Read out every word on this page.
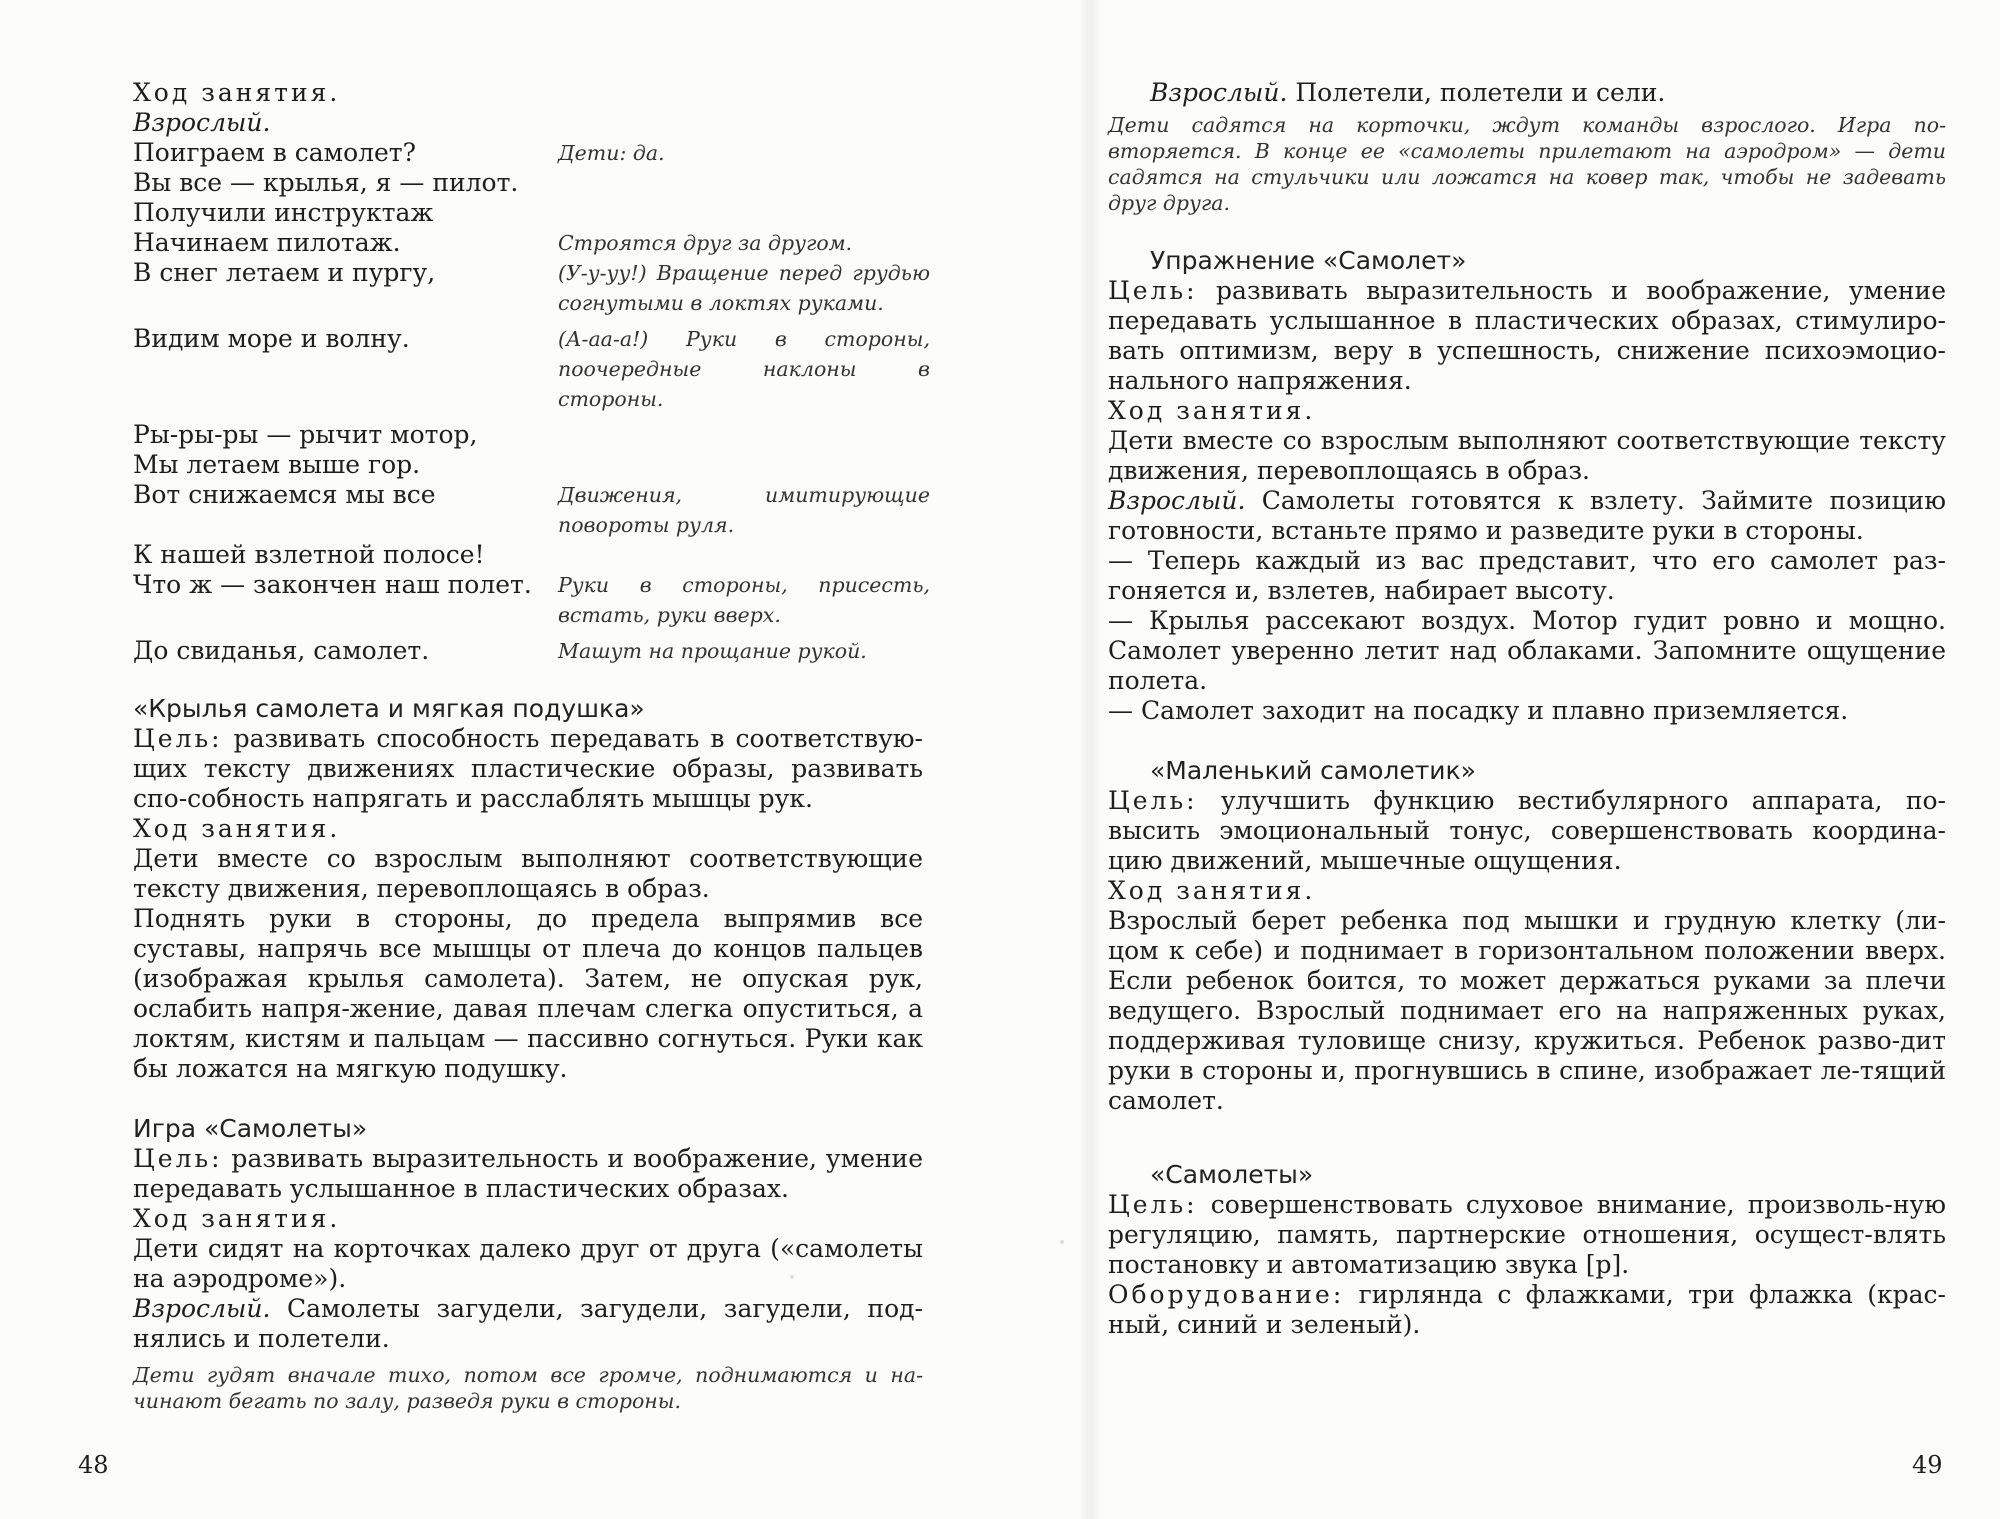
Ход занятия.

Взрослый.

Поиграем в самолет?	Дети: да.
Вы все — крылья, я — пилот.
Получили инструктаж
Начинаем пилотаж.	Строятся друг за другом.
В снег летаем и пургу,	(У-у-уу!) Вращение перед грудью согнутыми в локтях руками.
Видим море и волну.	(А-аа-а!) Руки в стороны, поочередные наклоны в стороны.
Ры-ры-ры — рычит мотор,
Мы летаем выше гор.
Вот снижаемся мы все	Движения, имитирующие повороты руля.
К нашей взлетной полосе!
Что ж — закончен наш полет.	Руки в стороны, присесть, встать, руки вверх.
До свиданья, самолет.	Машут на прощание рукой.

«Крылья самолета и мягкая подушка»

Цель: развивать способность передавать в соответствую-щих тексту движениях пластические образы, развивать спо-собность напрягать и расслаблять мышцы рук.

Ход занятия.

Дети вместе со взрослым выполняют соответствующие тексту движения, перевоплощаясь в образ.

Поднять руки в стороны, до предела выпрямив все суставы, напрячь все мышцы от плеча до концов пальцев (изображая крылья самолета). Затем, не опуская рук, ослабить напря-жение, давая плечам слегка опуститься, а локтям, кистям и пальцам — пассивно согнуться. Руки как бы ложатся на мягкую подушку.

Игра «Самолеты»

Цель: развивать выразительность и воображение, умение передавать услышанное в пластических образах.

Ход занятия.

Дети сидят на корточках далеко друг от друга («самолеты на аэродроме»).

Взрослый. Самолеты загудели, загудели, загудели, под-нялись и полетели.

Дети гудят вначале тихо, потом все громче, поднимаются и на-чинают бегать по залу, разведя руки в стороны.

48

Взрослый. Полетели, полетели и сели.

Дети садятся на корточки, ждут команды взрослого. Игра по-вторяется. В конце ее «самолеты прилетают на аэродром» — дети садятся на стульчики или ложатся на ковер так, чтобы не задевать друг друга.

Упражнение «Самолет»

Цель: развивать выразительность и воображение, умение передавать услышанное в пластических образах, стимулиро-вать оптимизм, веру в успешность, снижение психоэмоцио-нального напряжения.

Ход занятия.

Дети вместе со взрослым выполняют соответствующие тексту движения, перевоплощаясь в образ.

Взрослый. Самолеты готовятся к взлету. Займите позицию готовности, встаньте прямо и разведите руки в стороны.

— Теперь каждый из вас представит, что его самолет раз-гоняется и, взлетев, набирает высоту.

— Крылья рассекают воздух. Мотор гудит ровно и мощно. Самолет уверенно летит над облаками. Запомните ощущение полета.

— Самолет заходит на посадку и плавно приземляется.

«Маленький самолетик»

Цель: улучшить функцию вестибулярного аппарата, по-высить эмоциональный тонус, совершенствовать координа-цию движений, мышечные ощущения.

Ход занятия.

Взрослый берет ребенка под мышки и грудную клетку (ли-цом к себе) и поднимает в горизонтальном положении вверх. Если ребенок боится, то может держаться руками за плечи ведущего. Взрослый поднимает его на напряженных руках, поддерживая туловище снизу, кружиться. Ребенок разво-дит руки в стороны и, прогнувшись в спине, изображает ле-тящий самолет.

«Самолеты»

Цель: совершенствовать слуховое внимание, произволь-ную регуляцию, память, партнерские отношения, осущест-влять постановку и автоматизацию звука [р].

Оборудование: гирлянда с флажками, три флажка (крас-ный, синий и зеленый).

49
